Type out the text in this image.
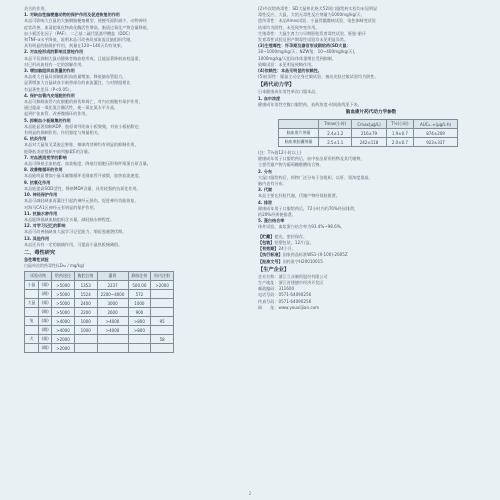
炎合的作用。
1. 对缺血性脑梗塞动物的保护作用及促进恢复的作用
本品可影响大白鼠的大脑侧脑梗塞模型，使梗死面积减少，动物神经
症状改善，血清超氧化物歧化酶活性增高，脂质过氧化产物含量降低，
血小板活化因子（PAF）、二乙基二硫代氨基甲酸盐（DDC）
和TNF-α水平降低，说明本品可改善局部血流及脑组织代谢，
具有明显的脑保护作用，剂量在120~140天均有效果。
2. 对血栓形成的影响及溶栓作用
本品不仅抑制大鼠动静脉旁路血栓形成，且能显著降低血栓湿重，
对已形成血栓有一定的溶解作用。
3. 增加脑组织血流量的作用
本品使大白鼠局部脑组织血流量增加，降低脑血管阻力，
显著增加大白鼠缺血半暗带部位的血流灌注，与对照组相比
有显著性差异（P<0.05）。
4. 保护血管内皮细胞的作用
本品可抑制血管内皮细胞的损伤和凋亡，对内皮细胞有保护作用，
通过提高一氧化氮合酶活性，使一氧化氮水平升高，
起到扩张血管、改善微循环的作用。
5. 抑制血小板聚集的作用
本品能显著抑制ADP、胶原诱导的血小板聚集，对血小板粘附也
有明显的抑制作用，作用强度与剂量相关。
6. 抗炎作用
本品对大鼠角叉菜胶足肿胀、棉球肉芽肿均有明显的抑制作用，
能降低炎症组织中前列腺素E的含量。
7. 对血液流变学的影响
本品可降低全血粘度、血浆粘度，降低红细胞压积和纤维蛋白原含量。
8. 改善微循环的作用
本品能明显增加小鼠耳廓微循环毛细血管开放数，加快血流速度。
9. 抗氧化作用
本品能提高SOD活性，降低MDA含量，具有较强的抗氧化作用。
10. 神经保护作用
本品可减轻缺血再灌注引起的神经元损伤，促进神经功能恢复，
对海马CA1区神经元有明显的保护作用。
11. 抗脑水肿作用
本品能降低缺血脑组织含水量，减轻脑水肿程度。
12. 对学习记忆的影响
本品可改善脑缺血大鼠学习记忆能力，缩短逃避潜伏期。
13. 其他作用
本品还具有一定的镇痛作用，可提高小鼠热板痛阈值。
二、毒性研究
急性毒性试验
白鼠单次给药毒性(LD₅₀ / mg/kg)
试验动物		给药途径	腹腔注射	灌胃	静脉注射	肌内注射
小鼠	(雄)	>5000	1353	2237	500.00	>2000
	(雌)	>5000	1524	2200~4000	572	
大鼠	(雄)	>5000	2400	3000	1000	
	(雌)	>5000	2200	2600	900	
兔	(雄)	>4000	1000	>4000	>800	95
	(雌)	>4000	1000	>4000	>800	
犬	(雄)	>2000				58
	(雌)	>2000				
(2)多次给药毒性：SD大鼠和比格犬52周口服给药实验均未见明显
毒性反应，大鼠、犬的无毒性反应剂量为1000mg/kg/天。
遗传毒性：本品Ames试验、小鼠骨髓微核试验、染色体畸变试验
结果均为阴性，未见致突变作用。
生殖毒性：大鼠生育力与早期胚胎发育毒性试验、胚胎-胎仔
发育毒性试验及围产期毒性试验均未见明显异常。
(3)生殖毒性：怀孕期及器官形成期给药(SD大鼠：
30~1000mg/kg/天；NZW兔：10~400mg/kg/天)，
1000mg/kg/天组母体体重增长受到抑制。
致畸试验：未见明显致畸作用。
(4)依赖性：本品无明显的依赖性。
(5)抗原性：豚鼠主动全身过敏试验、被动皮肤过敏试验均为阴性。
【药代动力学】
日本健康成年男性单次口服本品，
1. 血中浓度
健康成年男性空腹口服给药，血药浓度-时间曲线见下表。
脑血康片药代动力学参数
	Tmax(小时)	Cmax(μg/L)	T½(小时)	AUC₀₋∞(μg/L·h)
脑血康片剂量	2.4±1.2	216±79	1.9±0.7	874±209
脑血康胶囊剂量	2.5±1.1	242±118	2.0±0.7	923±337
(注：T½值12小时以上)
健康成年男子口服给药后，血中检出原形药物及其代谢物，
主要代谢产物为葡萄糖醛酸结合物。
2. 分布
大鼠口服给药后，药物广泛分布于各组织，以肝、肾浓度最高，
脑内也有分布。
3. 代谢
本品主要在肝脏代谢，代谢产物经肾脏排泄。
4. 排泄
健康成年男子口服给药后，72小时内约70%经尿排泄，
约20%经粪便排泄。
5. 蛋白结合率
体外试验，血浆蛋白结合率为93.4%~98.6%。
【贮藏】遮光，密封保存。
【包装】铝塑包装，12片/盒。
【有效期】24个月。
【执行标准】国家药品标准WS1-(X-100)-2005Z
【批准文号】国药准字H20010015
【生产企业】
企业名称：浙江立众制药股份有限公司
生产地址：浙江省建德市经济开发区
邮政编码：311600
电话号码：0571-64090256
传真号码：0571-64090256
网　　址：www.youxiljian.com
2
